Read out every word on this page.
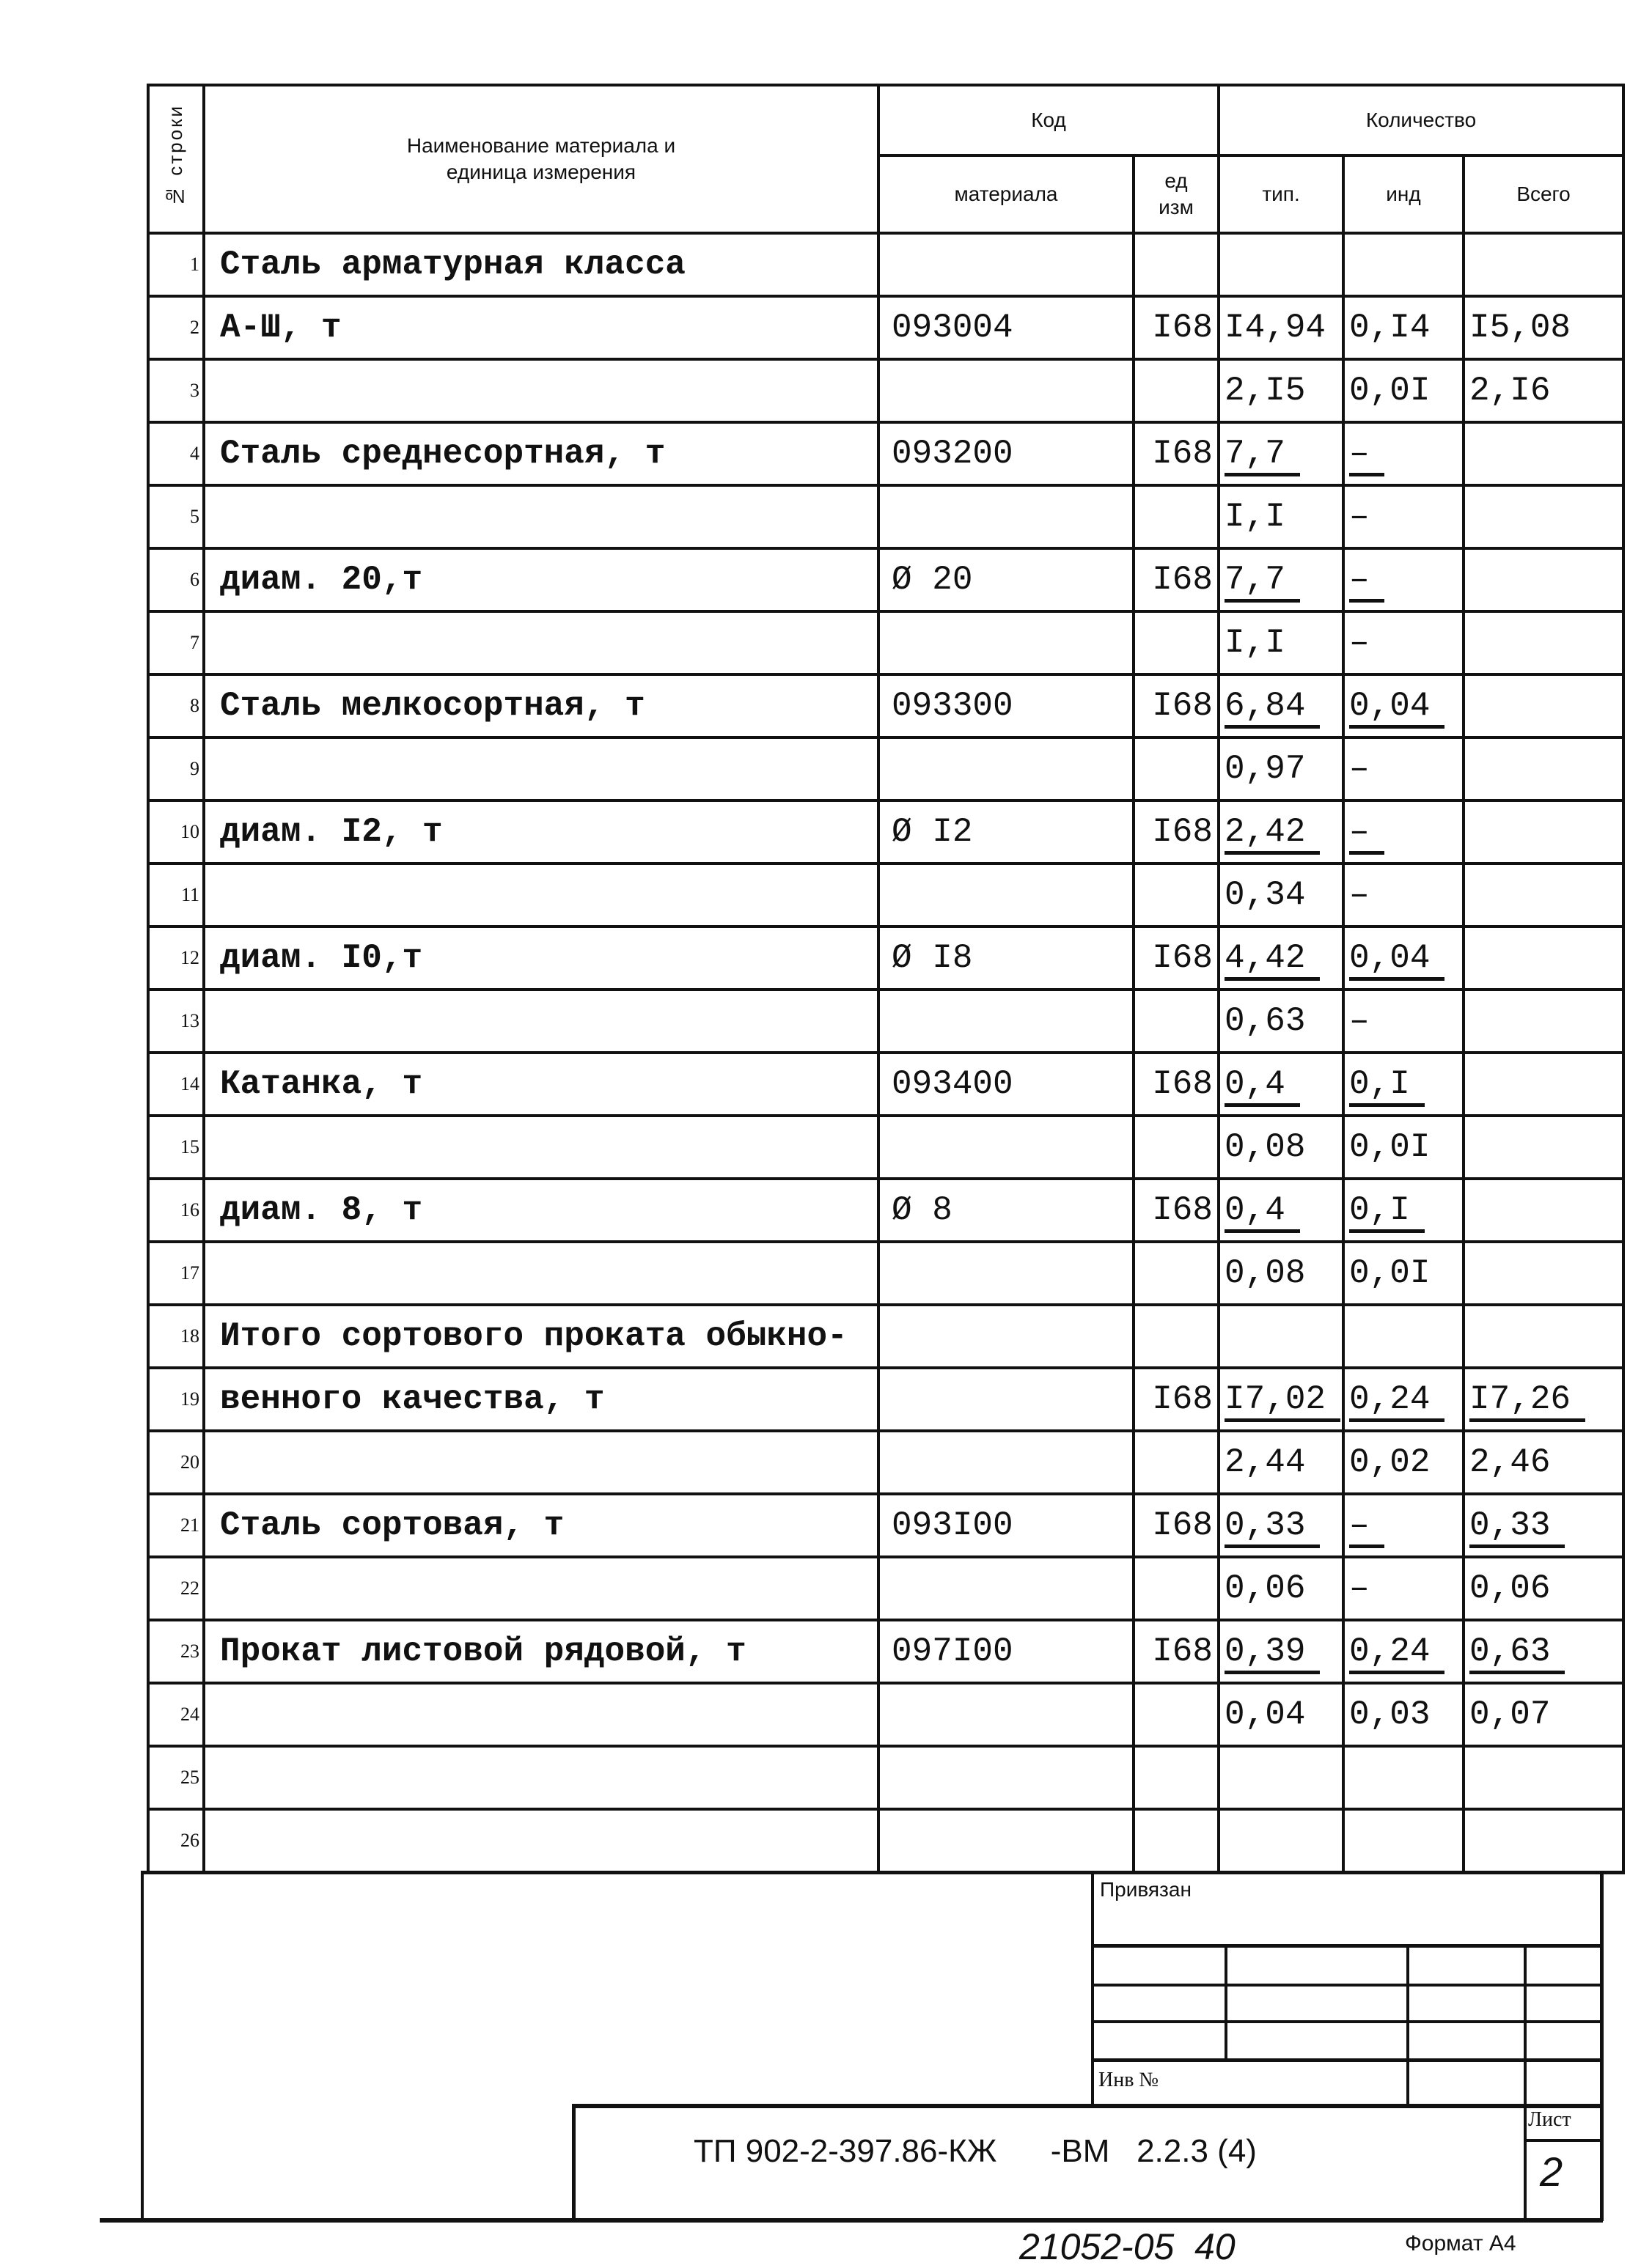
№ строки	Наименование материала и единица измерения	Код		Количество		
		материала	ед изм	тип.	инд	Всего
1	Сталь арматурная класса					
2	А-Ш, т	093004	I68	I4,94	0,I4	I5,08
3				2,I5	0,0I	2,I6
4	Сталь среднесортная, т	093200	I68	7,7	–	
5				I,I	–	
6	диам. 20,т	Ø 20	I68	7,7	–	
7				I,I	–	
8	Сталь мелкосортная, т	093300	I68	6,84	0,04	
9				0,97	–	
10	диам. I2, т	Ø I2	I68	2,42	–	
11				0,34	–	
12	диам. I0,т	Ø I8	I68	4,42	0,04	
13				0,63	–	
14	Катанка, т	093400	I68	0,4	0,I	
15				0,08	0,0I	
16	диам. 8, т	Ø 8	I68	0,4	0,I	
17				0,08	0,0I	
18	Итого сортового проката обыкно-					
19	венного качества, т		I68	I7,02	0,24	I7,26
20				2,44	0,02	2,46
21	Сталь сортовая, т	093I00	I68	0,33	–	0,33
22				0,06	–	0,06
23	Прокат листовой рядовой, т	097I00	I68	0,39	0,24	0,63
24				0,04	0,03	0,07
25						
26						
Привязан
Инв №
Лист
2
ТП 902-2-397.86-КЖ      -ВМ   2.2.3 (4)
21052-05  40	Формат А4
